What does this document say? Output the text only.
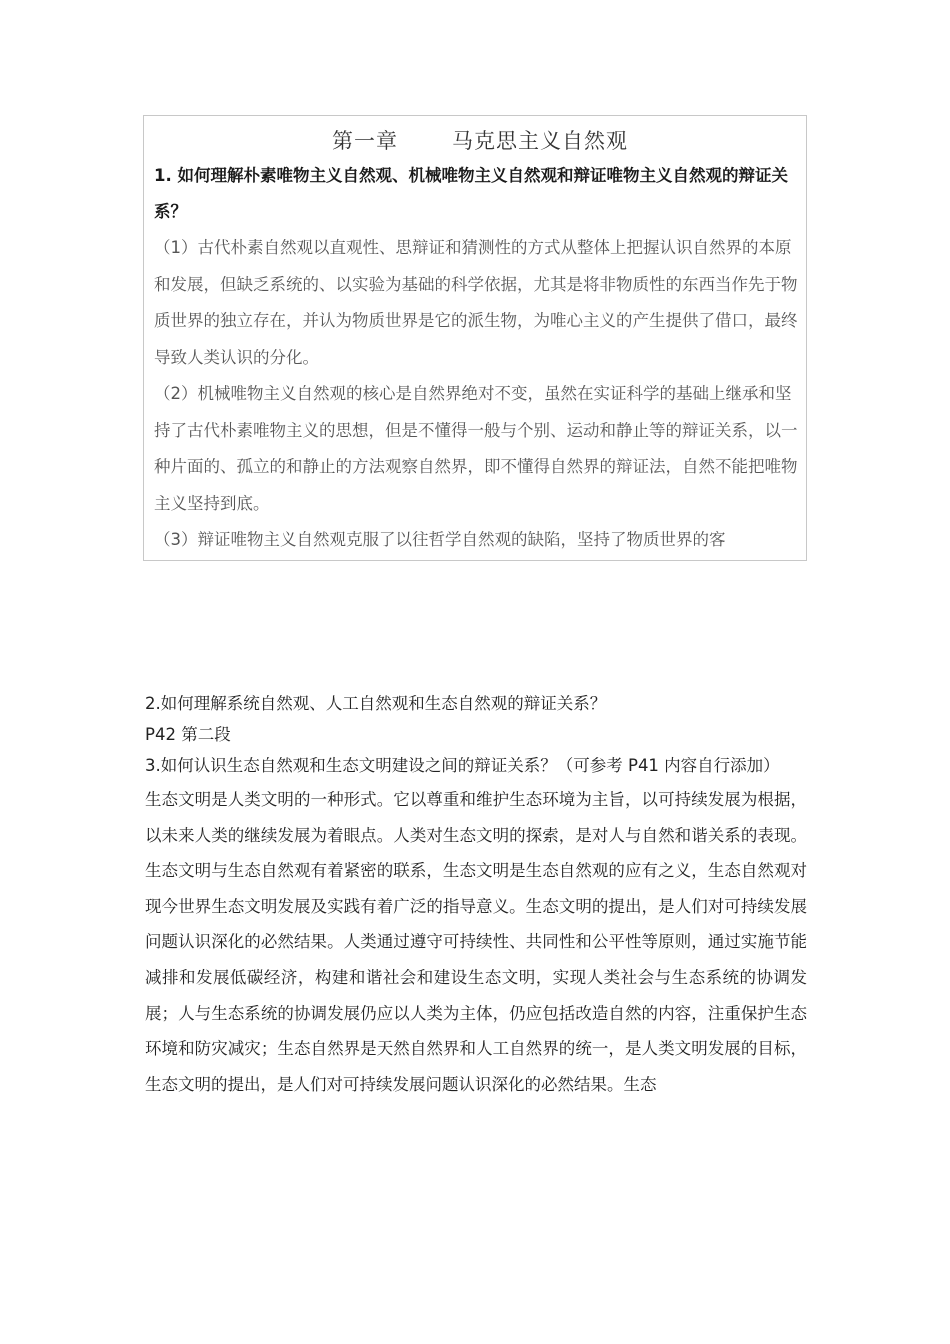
第一章	马克思主义自然观
1. 如何理解朴素唯物主义自然观、机械唯物主义自然观和辩证唯物主义自然观的辩证关系？
（1）古代朴素自然观以直观性、思辩证和猜测性的方式从整体上把握认识自然界的本原和发展，但缺乏系统的、以实验为基础的科学依据，尤其是将非物质性的东西当作先于物质世界的独立存在，并认为物质世界是它的派生物，为唯心主义的产生提供了借口，最终导致人类认识的分化。
（2）机械唯物主义自然观的核心是自然界绝对不变，虽然在实证科学的基础上继承和坚持了古代朴素唯物主义的思想，但是不懂得一般与个别、运动和静止等的辩证关系，以一种片面的、孤立的和静止的方法观察自然界，即不懂得自然界的辩证法，自然不能把唯物主义坚持到底。
（3）辩证唯物主义自然观克服了以往哲学自然观的缺陷，坚持了物质世界的客
2.如何理解系统自然观、人工自然观和生态自然观的辩证关系？
P42 第二段
3.如何认识生态自然观和生态文明建设之间的辩证关系？（可参考 P41 内容自行添加）
生态文明是人类文明的一种形式。它以尊重和维护生态环境为主旨，以可持续发展为根据，以未来人类的继续发展为着眼点。人类对生态文明的探索，是对人与自然和谐关系的表现。生态文明与生态自然观有着紧密的联系，生态文明是生态自然观的应有之义，生态自然观对现今世界生态文明发展及实践有着广泛的指导意义。生态文明的提出，是人们对可持续发展问题认识深化的必然结果。人类通过遵守可持续性、共同性和公平性等原则，通过实施节能减排和发展低碳经济，构建和谐社会和建设生态文明，实现人类社会与生态系统的协调发展；人与生态系统的协调发展仍应以人类为主体，仍应包括改造自然的内容，注重保护生态环境和防灾减灾；生态自然界是天然自然界和人工自然界的统一，是人类文明发展的目标，生态文明的提出，是人们对可持续发展问题认识深化的必然结果。生态
